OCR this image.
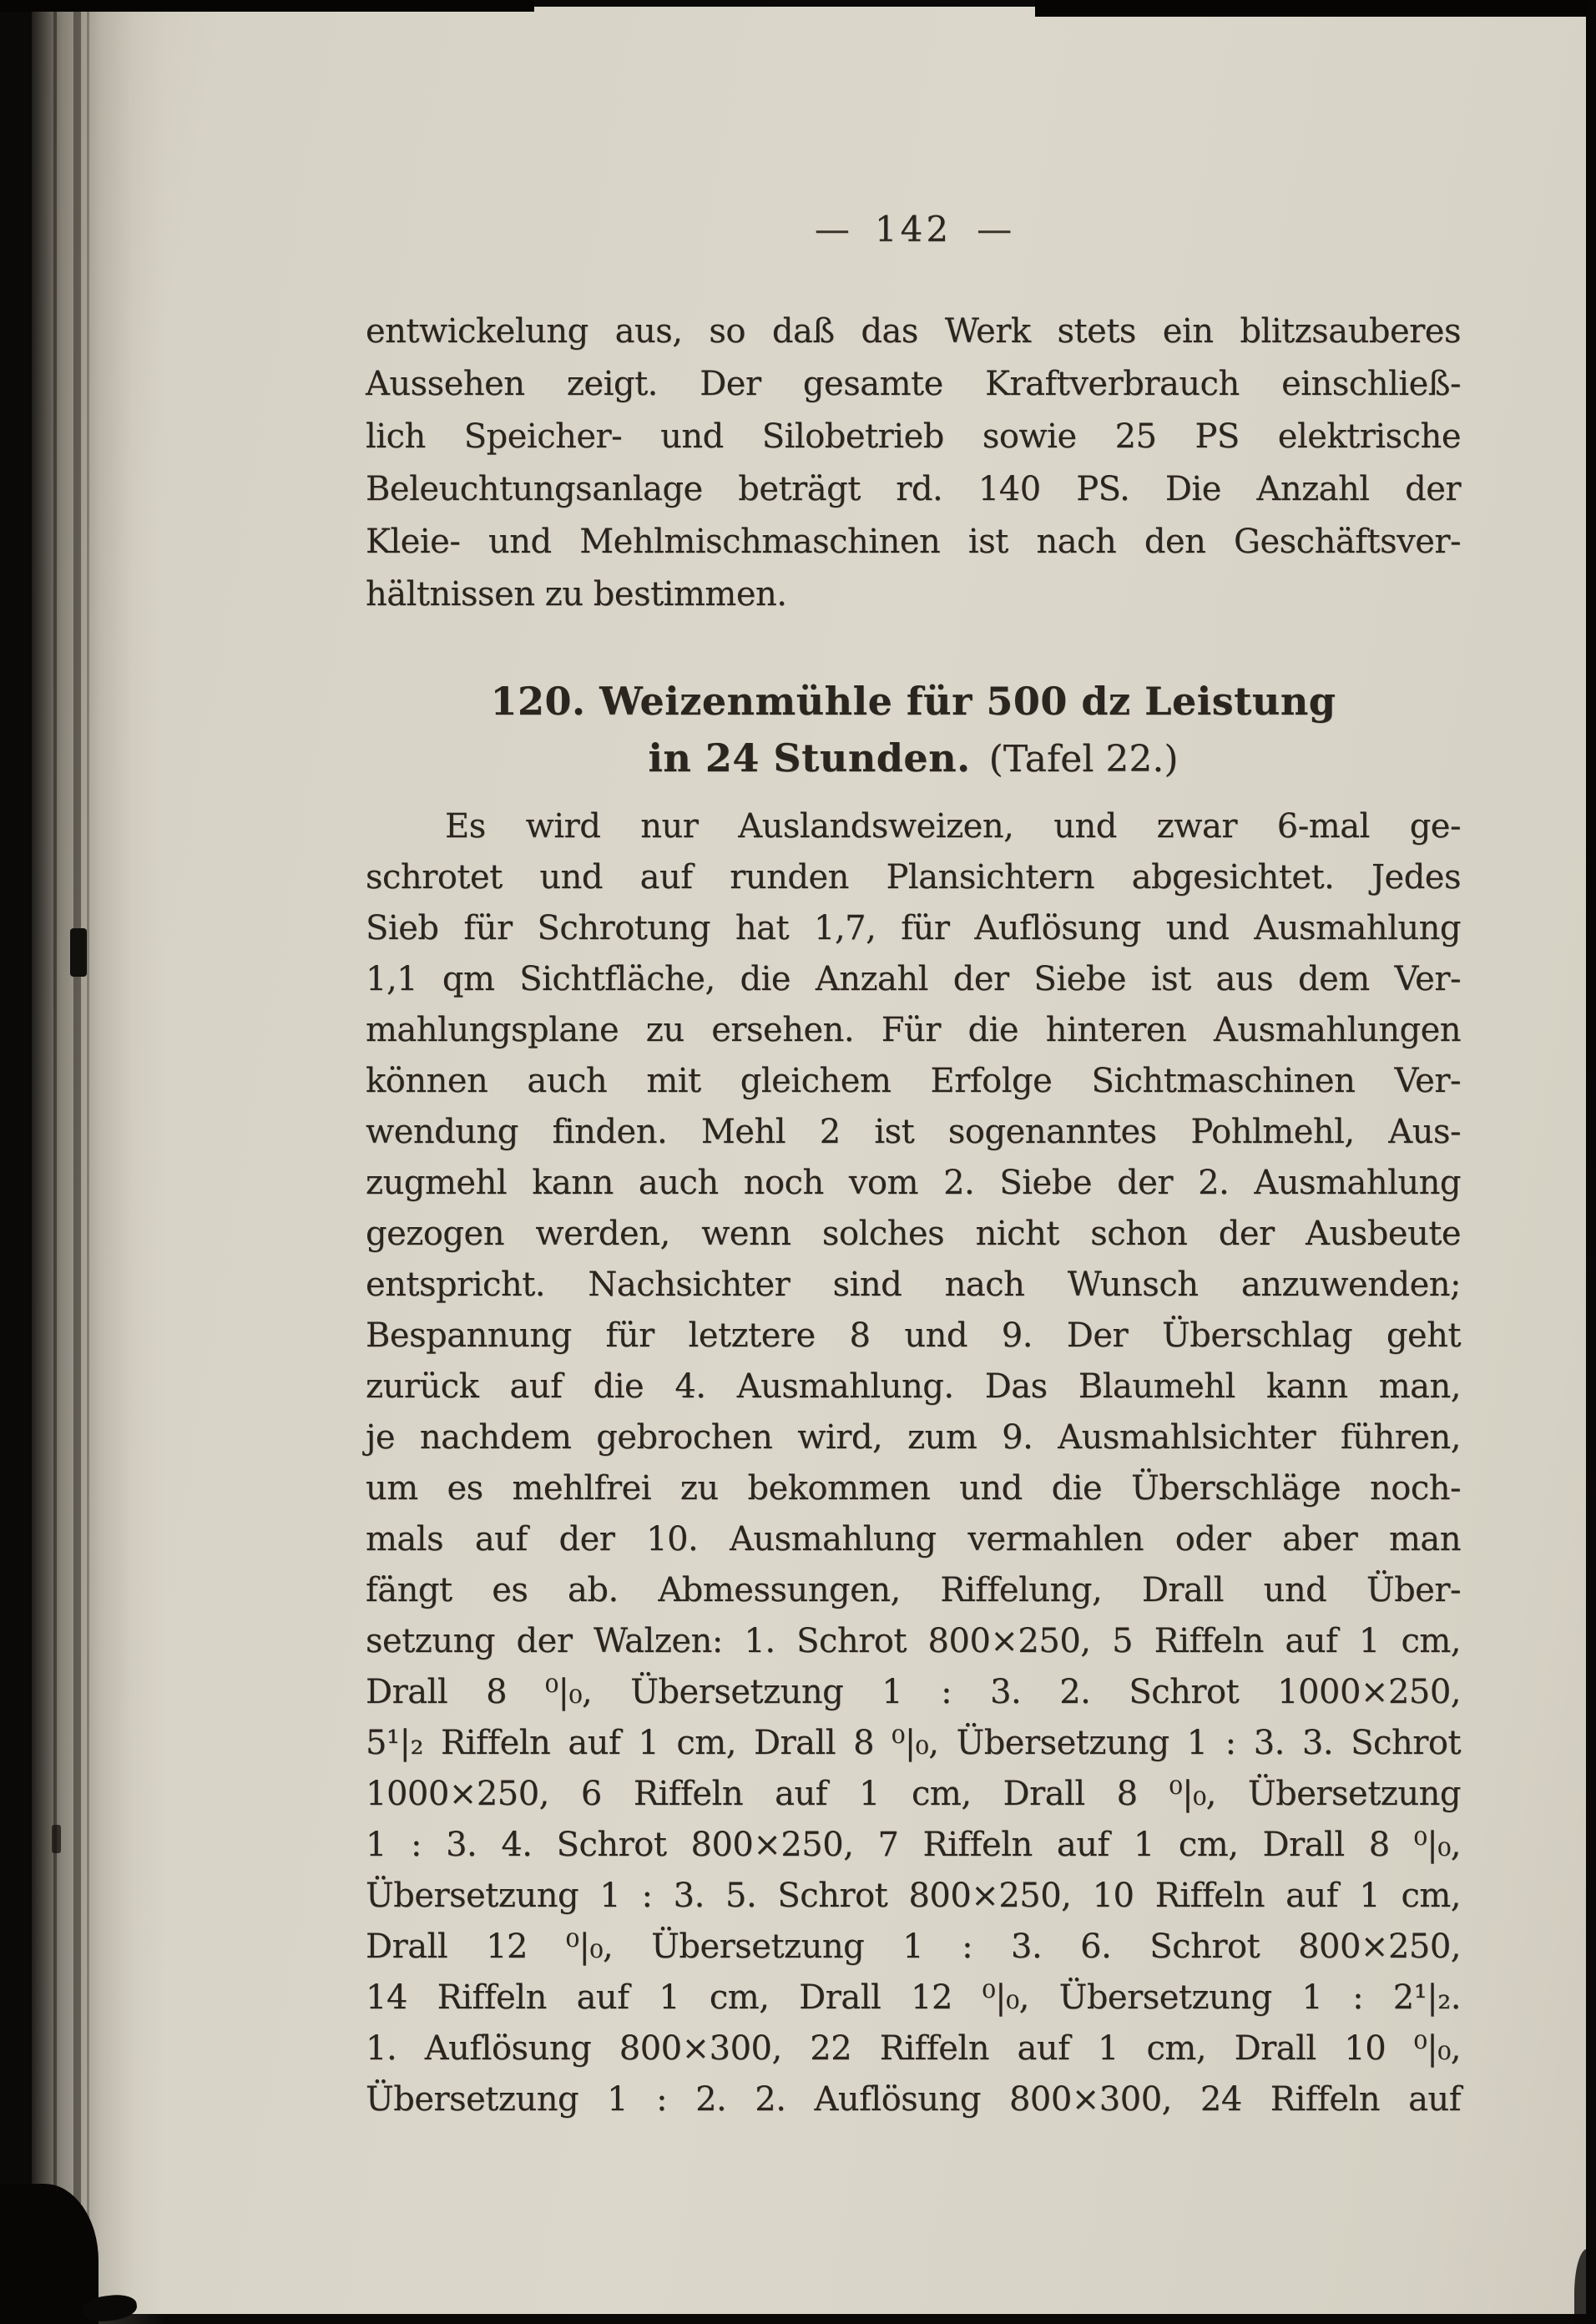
— 142 —
entwickelung aus, so daß das Werk stets ein blitzsauberes
Aussehen zeigt. Der gesamte Kraftverbrauch einschließ-
lich Speicher- und Silobetrieb sowie 25 PS elektrische
Beleuchtungsanlage beträgt rd. 140 PS. Die Anzahl der
Kleie- und Mehlmischmaschinen ist nach den Geschäftsver-
hältnissen zu bestimmen.
120. Weizenmühle für 500 dz Leistung
in 24 Stunden. (Tafel 22.)
Es wird nur Auslandsweizen, und zwar 6-mal ge-
schrotet und auf runden Plansichtern abgesichtet. Jedes
Sieb für Schrotung hat 1,7, für Auflösung und Ausmahlung
1,1 qm Sichtfläche, die Anzahl der Siebe ist aus dem Ver-
mahlungsplane zu ersehen. Für die hinteren Ausmahlungen
können auch mit gleichem Erfolge Sichtmaschinen Ver-
wendung finden. Mehl 2 ist sogenanntes Pohlmehl, Aus-
zugmehl kann auch noch vom 2. Siebe der 2. Ausmahlung
gezogen werden, wenn solches nicht schon der Ausbeute
entspricht. Nachsichter sind nach Wunsch anzuwenden;
Bespannung für letztere 8 und 9. Der Überschlag geht
zurück auf die 4. Ausmahlung. Das Blaumehl kann man,
je nachdem gebrochen wird, zum 9. Ausmahlsichter führen,
um es mehlfrei zu bekommen und die Überschläge noch-
mals auf der 10. Ausmahlung vermahlen oder aber man
fängt es ab. Abmessungen, Riffelung, Drall und Über-
setzung der Walzen: 1. Schrot 800×250, 5 Riffeln auf 1 cm,
Drall 8 ⁰|₀, Übersetzung 1 : 3. 2. Schrot 1000×250,
5¹|₂ Riffeln auf 1 cm, Drall 8 ⁰|₀, Übersetzung 1 : 3. 3. Schrot
1000×250, 6 Riffeln auf 1 cm, Drall 8 ⁰|₀, Übersetzung
1 : 3. 4. Schrot 800×250, 7 Riffeln auf 1 cm, Drall 8 ⁰|₀,
Übersetzung 1 : 3. 5. Schrot 800×250, 10 Riffeln auf 1 cm,
Drall 12 ⁰|₀, Übersetzung 1 : 3. 6. Schrot 800×250,
14 Riffeln auf 1 cm, Drall 12 ⁰|₀, Übersetzung 1 : 2¹|₂.
1. Auflösung 800×300, 22 Riffeln auf 1 cm, Drall 10 ⁰|₀,
Übersetzung 1 : 2. 2. Auflösung 800×300, 24 Riffeln auf
